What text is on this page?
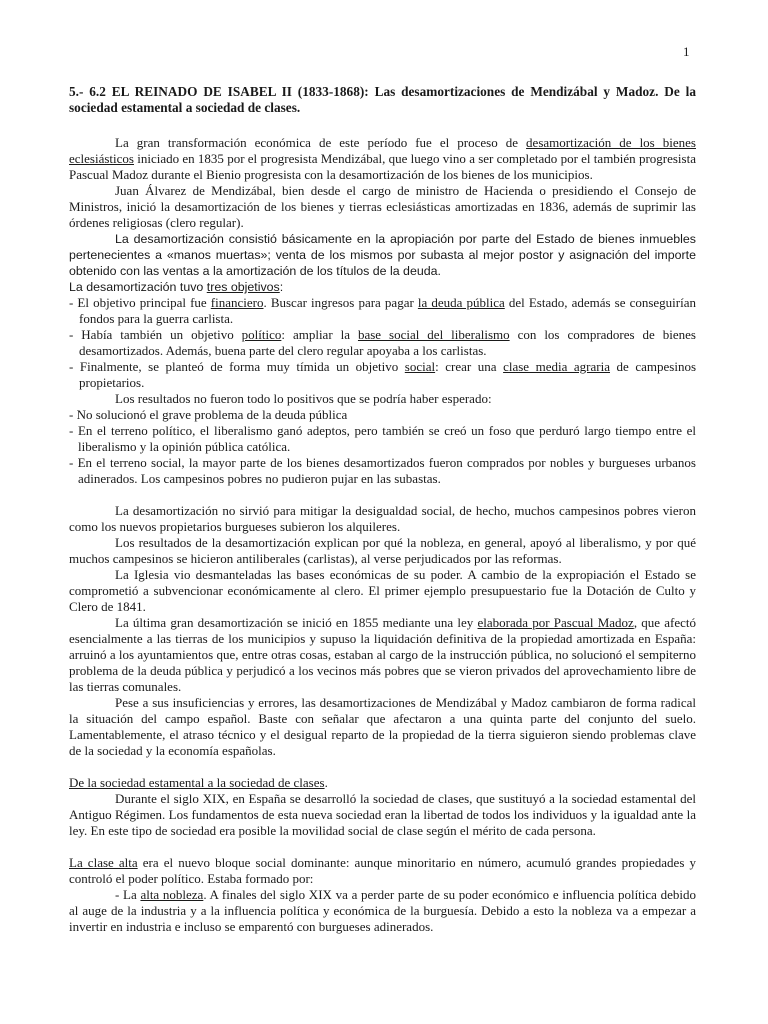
1

5.- 6.2 EL REINADO DE ISABEL II (1833-1868): Las desamortizaciones de Mendizábal y Madoz. De la sociedad estamental a sociedad de clases.

La gran transformación económica de este período fue el proceso de desamortización de los bienes eclesiásticos iniciado en 1835 por el progresista Mendizábal, que luego vino a ser completado por el también progresista Pascual Madoz durante el Bienio progresista con la desamortización de los bienes de los municipios.

Juan Álvarez de Mendizábal, bien desde el cargo de ministro de Hacienda o presidiendo el Consejo de Ministros, inició la desamortización de los bienes y tierras eclesiásticas amortizadas en 1836, además de suprimir las órdenes religiosas (clero regular).

La desamortización consistió básicamente en la apropiación por parte del Estado de bienes inmuebles pertenecientes a «manos muertas»; venta de los mismos por subasta al mejor postor y asignación del importe obtenido con las ventas a la amortización de los títulos de la deuda.

La desamortización tuvo tres objetivos:

- El objetivo principal fue financiero. Buscar ingresos para pagar la deuda pública del Estado, además se conseguirían fondos para la guerra carlista.

- Había también un objetivo político: ampliar la base social del liberalismo con los compradores de bienes desamortizados. Además, buena parte del clero regular apoyaba a los carlistas.

- Finalmente, se planteó de forma muy tímida un objetivo social: crear una clase media agraria de campesinos propietarios.

Los resultados no fueron todo lo positivos que se podría haber esperado:

- No solucionó el grave problema de la deuda pública

- En el terreno político, el liberalismo ganó adeptos, pero también se creó un foso que perduró largo tiempo entre el liberalismo y la opinión pública católica.

- En el terreno social, la mayor parte de los bienes desamortizados fueron comprados por nobles y burgueses urbanos adinerados. Los campesinos pobres no pudieron pujar en las subastas.

La desamortización no sirvió para mitigar la desigualdad social, de hecho, muchos campesinos pobres vieron como los nuevos propietarios burgueses subieron los alquileres.

Los resultados de la desamortización explican por qué la nobleza, en general, apoyó al liberalismo, y por qué muchos campesinos se hicieron antiliberales (carlistas), al verse perjudicados por las reformas.

La Iglesia vio desmanteladas las bases económicas de su poder. A cambio de la expropiación el Estado se comprometió a subvencionar económicamente al clero. El primer ejemplo presupuestario fue la Dotación de Culto y Clero de 1841.

La última gran desamortización se inició en 1855 mediante una ley elaborada por Pascual Madoz, que afectó esencialmente a las tierras de los municipios y supuso la liquidación definitiva de la propiedad amortizada en España: arruinó a los ayuntamientos que, entre otras cosas, estaban al cargo de la instrucción pública, no solucionó el sempiterno problema de la deuda pública y perjudicó a los vecinos más pobres que se vieron privados del aprovechamiento libre de las tierras comunales.

Pese a sus insuficiencias y errores, las desamortizaciones de Mendizábal y Madoz cambiaron de forma radical la situación del campo español. Baste con señalar que afectaron a una quinta parte del conjunto del suelo. Lamentablemente, el atraso técnico y el desigual reparto de la propiedad de la tierra siguieron siendo problemas clave de la sociedad y la economía españolas.

De la sociedad estamental a la sociedad de clases.

Durante el siglo XIX, en España se desarrolló la sociedad de clases, que sustituyó a la sociedad estamental del Antiguo Régimen. Los fundamentos de esta nueva sociedad eran la libertad de todos los individuos y la igualdad ante la ley. En este tipo de sociedad era posible la movilidad social de clase según el mérito de cada persona.

La clase alta era el nuevo bloque social dominante: aunque minoritario en número, acumuló grandes propiedades y controló el poder político. Estaba formado por:

- La alta nobleza. A finales del siglo XIX va a perder parte de su poder económico e influencia política debido al auge de la industria y a la influencia política y económica de la burguesía. Debido a esto la nobleza va a empezar a invertir en industria e incluso se emparentó con burgueses adinerados.
